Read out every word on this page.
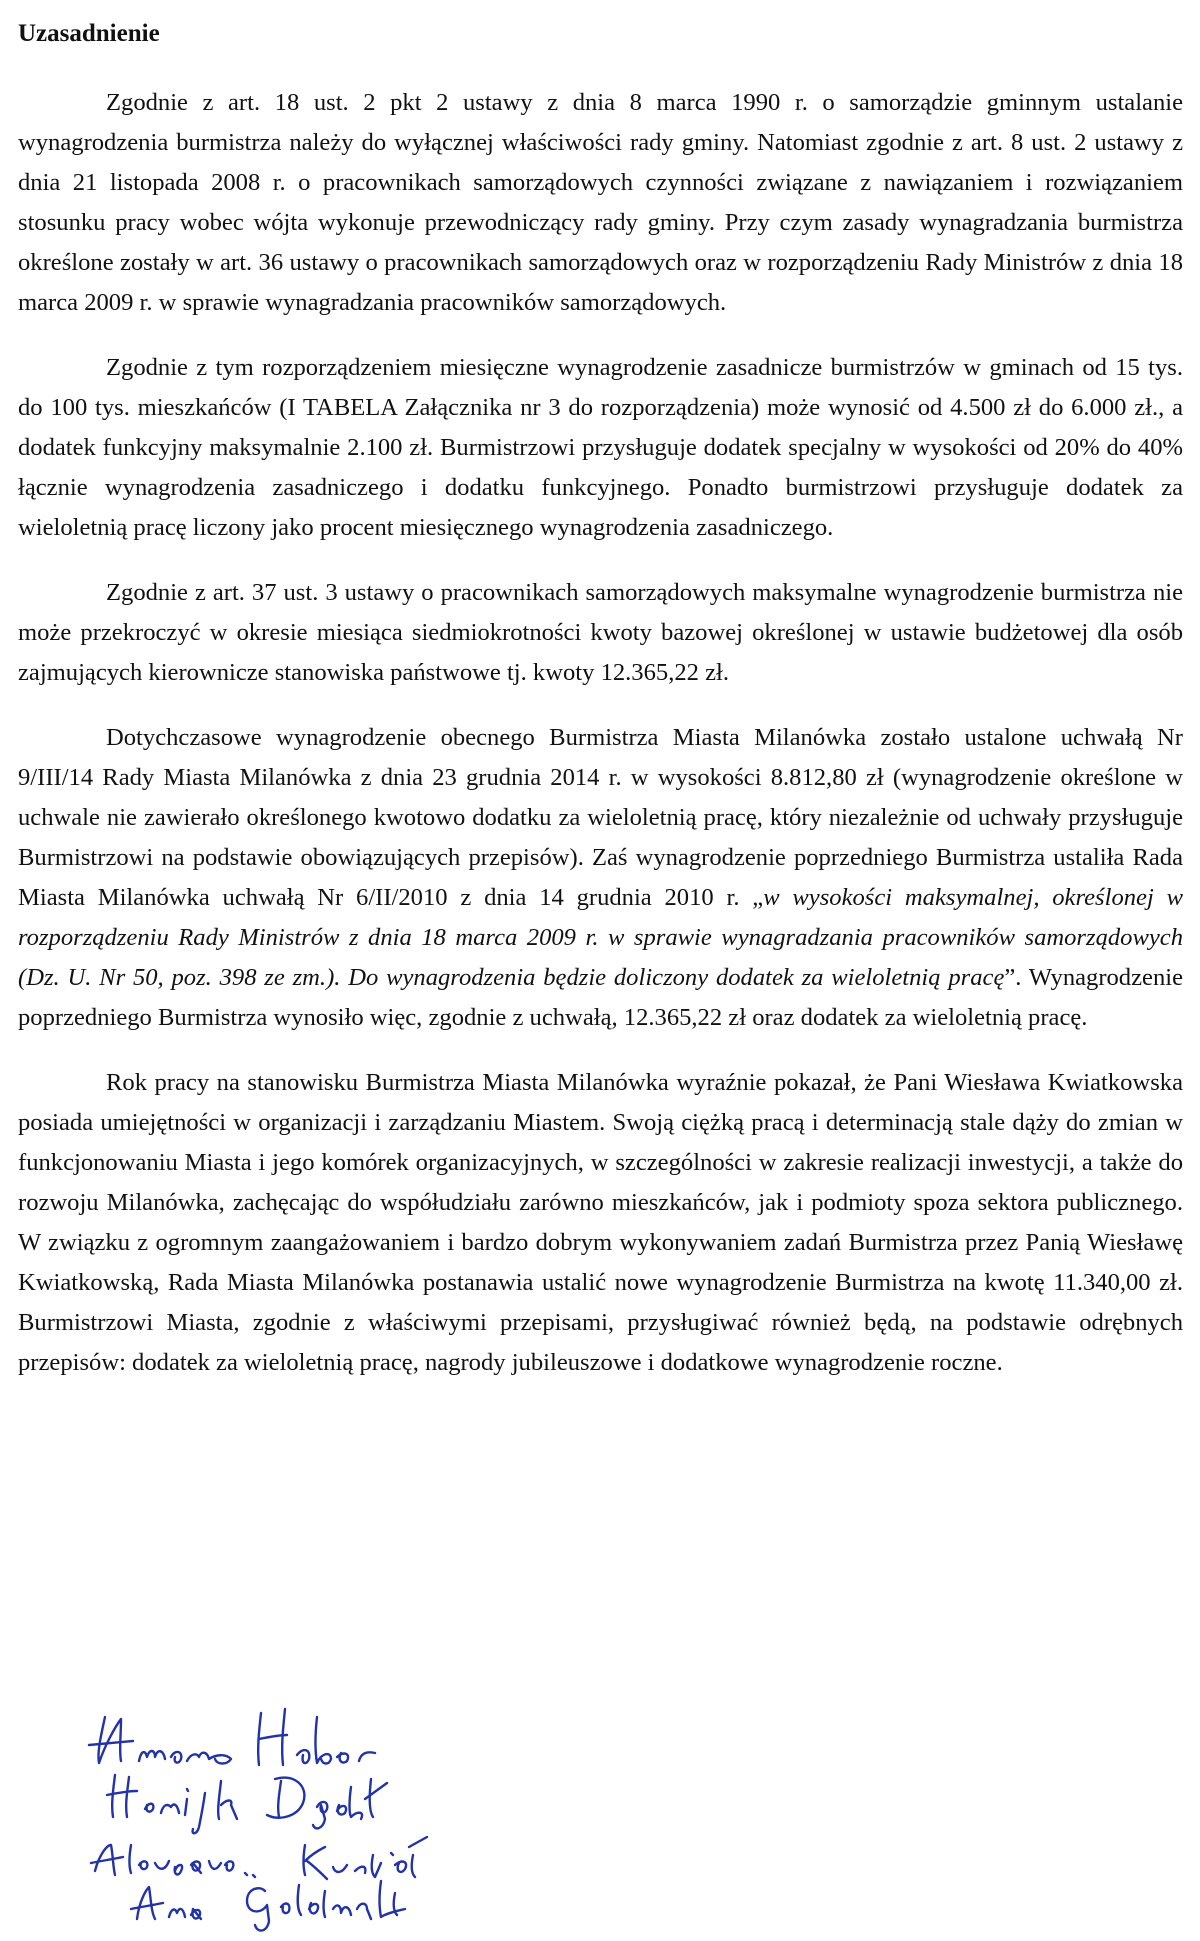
Uzasadnienie

Zgodnie z art. 18 ust. 2 pkt 2 ustawy z dnia 8 marca 1990 r. o samorządzie gminnym ustalanie wynagrodzenia burmistrza należy do wyłącznej właściwości rady gminy. Natomiast zgodnie z art. 8 ust. 2 ustawy z dnia 21 listopada 2008 r. o pracownikach samorządowych czynności związane z nawiązaniem i rozwiązaniem stosunku pracy wobec wójta wykonuje przewodniczący rady gminy. Przy czym zasady wynagradzania burmistrza określone zostały w art. 36 ustawy o pracownikach samorządowych oraz w rozporządzeniu Rady Ministrów z dnia 18 marca 2009 r. w sprawie wynagradzania pracowników samorządowych.

Zgodnie z tym rozporządzeniem miesięczne wynagrodzenie zasadnicze burmistrzów w gminach od 15 tys. do 100 tys. mieszkańców (I TABELA Załącznika nr 3 do rozporządzenia) może wynosić od 4.500 zł do 6.000 zł., a dodatek funkcyjny maksymalnie 2.100 zł. Burmistrzowi przysługuje dodatek specjalny w wysokości od 20% do 40% łącznie wynagrodzenia zasadniczego i dodatku funkcyjnego. Ponadto burmistrzowi przysługuje dodatek za wieloletnią pracę liczony jako procent miesięcznego wynagrodzenia zasadniczego.

Zgodnie z art. 37 ust. 3 ustawy o pracownikach samorządowych maksymalne wynagrodzenie burmistrza nie może przekroczyć w okresie miesiąca siedmiokrotności kwoty bazowej określonej w ustawie budżetowej dla osób zajmujących kierownicze stanowiska państwowe tj. kwoty 12.365,22 zł.

Dotychczasowe wynagrodzenie obecnego Burmistrza Miasta Milanówka zostało ustalone uchwałą Nr 9/III/14 Rady Miasta Milanówka z dnia 23 grudnia 2014 r. w wysokości 8.812,80 zł (wynagrodzenie określone w uchwale nie zawierało określonego kwotowo dodatku za wieloletnią pracę, który niezależnie od uchwały przysługuje Burmistrzowi na podstawie obowiązujących przepisów). Zaś wynagrodzenie poprzedniego Burmistrza ustaliła Rada Miasta Milanówka uchwałą Nr 6/II/2010 z dnia 14 grudnia 2010 r. „w wysokości maksymalnej, określonej w rozporządzeniu Rady Ministrów z dnia 18 marca 2009 r. w sprawie wynagradzania pracowników samorządowych (Dz. U. Nr 50, poz. 398 ze zm.). Do wynagrodzenia będzie doliczony dodatek za wieloletnią pracę”. Wynagrodzenie poprzedniego Burmistrza wynosiło więc, zgodnie z uchwałą, 12.365,22 zł oraz dodatek za wieloletnią pracę.

Rok pracy na stanowisku Burmistrza Miasta Milanówka wyraźnie pokazał, że Pani Wiesława Kwiatkowska posiada umiejętności w organizacji i zarządzaniu Miastem. Swoją ciężką pracą i determinacją stale dąży do zmian w funkcjonowaniu Miasta i jego komórek organizacyjnych, w szczególności w zakresie realizacji inwestycji, a także do rozwoju Milanówka, zachęcając do współudziału zarówno mieszkańców, jak i podmioty spoza sektora publicznego. W związku z ogromnym zaangażowaniem i bardzo dobrym wykonywaniem zadań Burmistrza przez Panią Wiesławę Kwiatkowską, Rada Miasta Milanówka postanawia ustalić nowe wynagrodzenie Burmistrza na kwotę 11.340,00 zł. Burmistrzowi Miasta, zgodnie z właściwymi przepisami, przysługiwać również będą, na podstawie odrębnych przepisów: dodatek za wieloletnią pracę, nagrody jubileuszowe i dodatkowe wynagrodzenie roczne.
